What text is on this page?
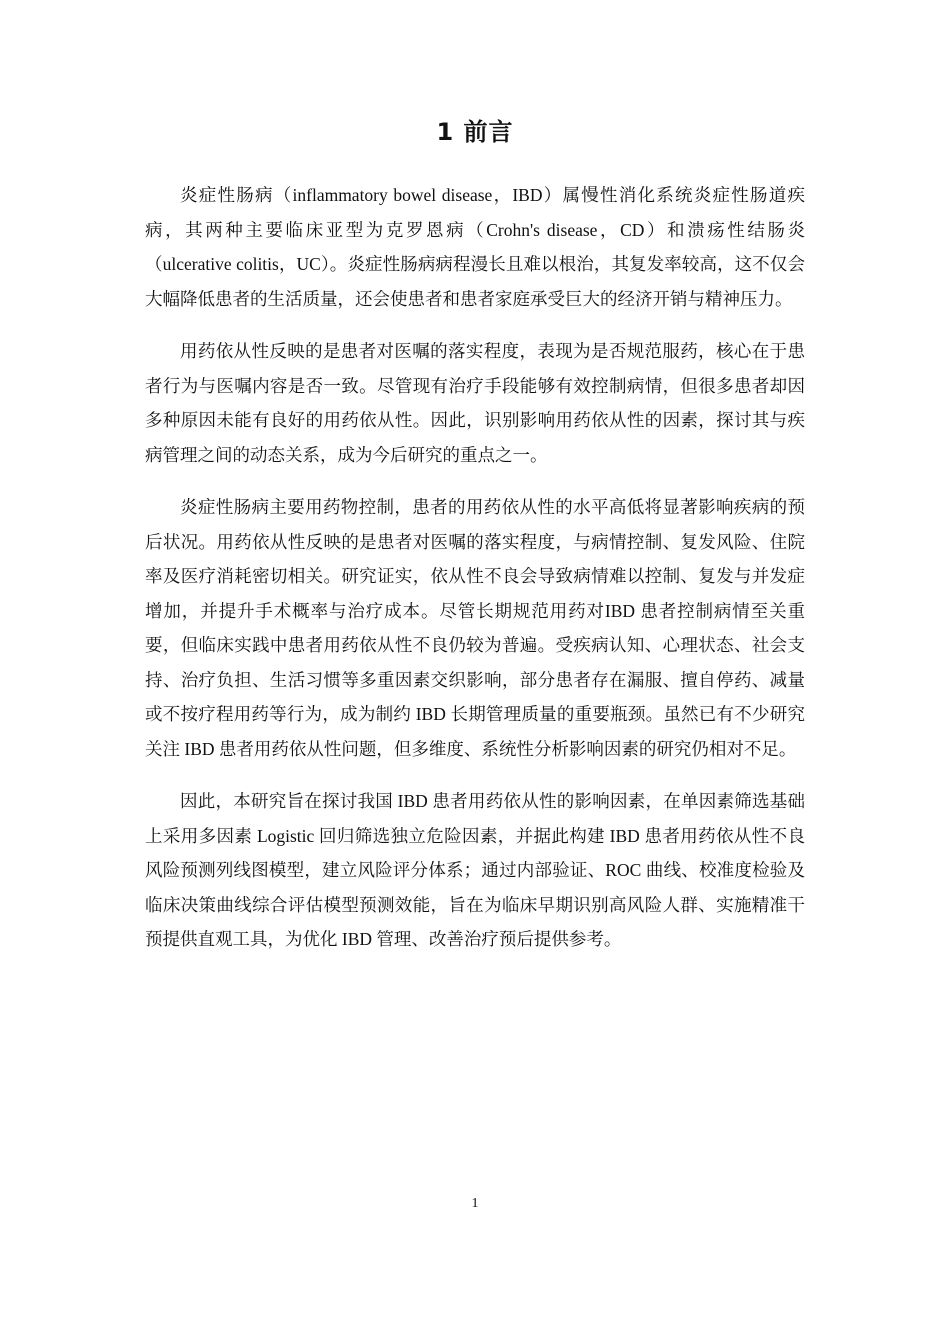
1 前言

炎症性肠病（inflammatory bowel disease，IBD）属慢性消化系统炎症性肠道疾病，其两种主要临床亚型为克罗恩病（Crohn's disease，CD）和溃疡性结肠炎（ulcerative colitis，UC）。炎症性肠病病程漫长且难以根治，其复发率较高，这不仅会大幅降低患者的生活质量，还会使患者和患者家庭承受巨大的经济开销与精神压力。

用药依从性反映的是患者对医嘱的落实程度，表现为是否规范服药，核心在于患者行为与医嘱内容是否一致。尽管现有治疗手段能够有效控制病情，但很多患者却因多种原因未能有良好的用药依从性。因此，识别影响用药依从性的因素，探讨其与疾病管理之间的动态关系，成为今后研究的重点之一。

炎症性肠病主要用药物控制，患者的用药依从性的水平高低将显著影响疾病的预后状况。用药依从性反映的是患者对医嘱的落实程度，与病情控制、复发风险、住院率及医疗消耗密切相关。研究证实，依从性不良会导致病情难以控制、复发与并发症增加，并提升手术概率与治疗成本。尽管长期规范用药对IBD 患者控制病情至关重要，但临床实践中患者用药依从性不良仍较为普遍。受疾病认知、心理状态、社会支持、治疗负担、生活习惯等多重因素交织影响，部分患者存在漏服、擅自停药、减量或不按疗程用药等行为，成为制约 IBD 长期管理质量的重要瓶颈。虽然已有不少研究关注 IBD 患者用药依从性问题，但多维度、系统性分析影响因素的研究仍相对不足。

因此，本研究旨在探讨我国 IBD 患者用药依从性的影响因素，在单因素筛选基础上采用多因素 Logistic 回归筛选独立危险因素，并据此构建 IBD 患者用药依从性不良风险预测列线图模型，建立风险评分体系；通过内部验证、ROC 曲线、校准度检验及临床决策曲线综合评估模型预测效能，旨在为临床早期识别高风险人群、实施精准干预提供直观工具，为优化 IBD 管理、改善治疗预后提供参考。

1
